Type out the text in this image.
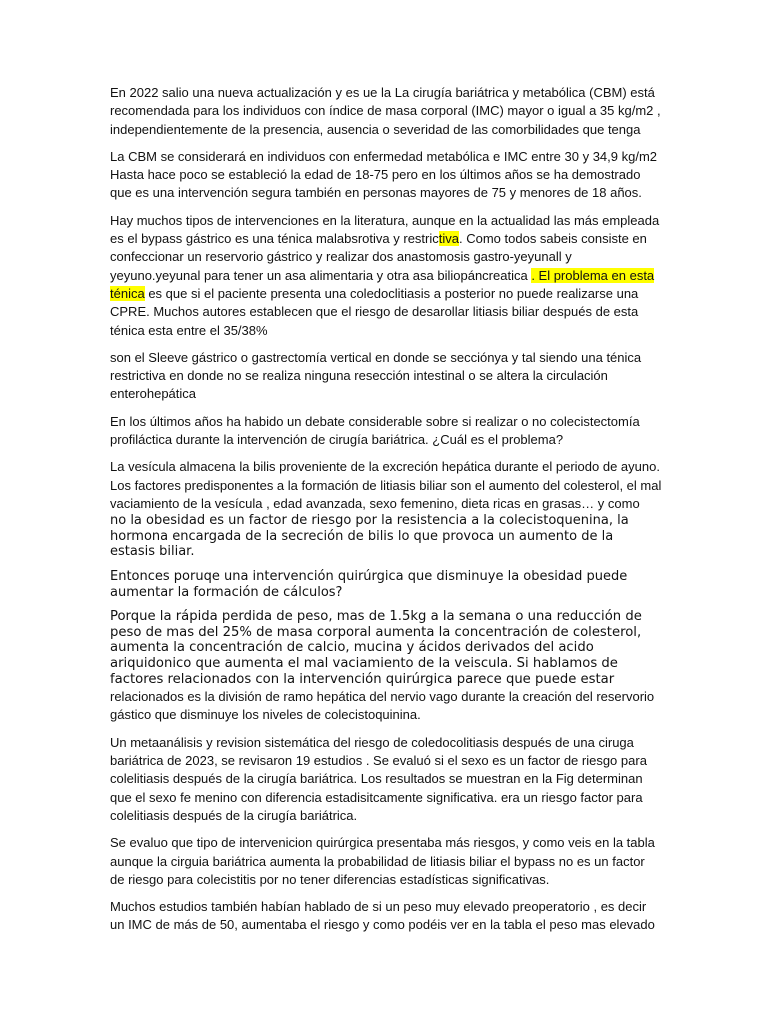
En 2022 salio una nueva actualización y es ue la La cirugía bariátrica y metabólica (CBM) está recomendada para los individuos con índice de masa corporal (IMC) mayor o igual a 35 kg/m2 , independientemente de la presencia, ausencia o severidad de las comorbilidades que tenga

La CBM se considerará en individuos con enfermedad metabólica e IMC entre 30 y 34,9 kg/m2 Hasta hace poco se estableció la edad de 18-75 pero en los últimos años se ha demostrado que es una intervención segura también en personas mayores de 75 y menores de 18 años.

Hay muchos tipos de intervenciones en la literatura, aunque en la actualidad las más empleada es el bypass gástrico es una ténica malabsrotiva y restrictiva. Como todos sabeis consiste en confeccionar un reservorio gástrico y realizar dos anastomosis gastro-yeyunall y yeyuno.yeyunal para tener un asa alimentaria y otra asa biliopáncreatica . El problema en esta ténica es que si el paciente presenta una coledoclitiasis a posterior no puede realizarse una CPRE. Muchos autores establecen que el riesgo de desarollar litiasis biliar después de esta ténica esta entre el 35/38%

son el Sleeve gástrico o gastrectomía vertical en donde se secciónya y tal siendo una ténica restrictiva en donde no se realiza ninguna resección intestinal o se altera la circulación enterohepática

En los últimos años ha habido un debate considerable sobre si realizar o no colecistectomía profiláctica durante la intervención de cirugía bariátrica. ¿Cuál es el problema?

La vesícula almacena la bilis proveniente de la excreción hepática durante el periodo de ayuno. Los factores predisponentes a la formación de litiasis biliar son el aumento del colesterol, el mal vaciamiento de la vesícula , edad avanzada, sexo femenino, dieta ricas en grasas… y como

no la obesidad es un factor de riesgo por la resistencia a la colecistoquenina, la hormona encargada de la secreción de bilis lo que provoca un aumento de la estasis biliar.

Entonces poruqe una intervención quirúrgica que disminuye la obesidad puede aumentar la formación de cálculos?

Porque la rápida perdida de peso, mas de 1.5kg a la semana o una reducción de peso de mas del 25% de masa corporal aumenta la concentración de colesterol, aumenta la concentración de calcio, mucina y ácidos derivados del acido ariquidonico que aumenta el mal vaciamiento de la veiscula. Si hablamos de factores relacionados con la intervención quirúrgica parece que puede estar

relacionados es la división de ramo hepática del nervio vago durante la creación del reservorio gástico que disminuye los niveles de colecistoquinina.

Un metaanálisis y revision sistemática del riesgo de coledocolitiasis después de una ciruga bariátrica de 2023, se revisaron 19 estudios . Se evaluó si el sexo es un factor de riesgo para colelitiasis después de la cirugía bariátrica. Los resultados se muestran en la Fig determinan que el sexo fe menino con diferencia estadisitcamente significativa. era un riesgo factor para colelitiasis después de la cirugía bariátrica.

Se evaluo que tipo de intervenicion quirúrgica presentaba más riesgos, y como veis en la tabla aunque la cirguia bariátrica aumenta la probabilidad de litiasis biliar el bypass no es un factor de riesgo para colecistitis por no tener diferencias estadísticas significativas.

Muchos estudios también habían hablado de si un peso muy elevado preoperatorio , es decir un IMC de más de 50, aumentaba el riesgo y como podéis ver en la tabla el peso mas elevado
